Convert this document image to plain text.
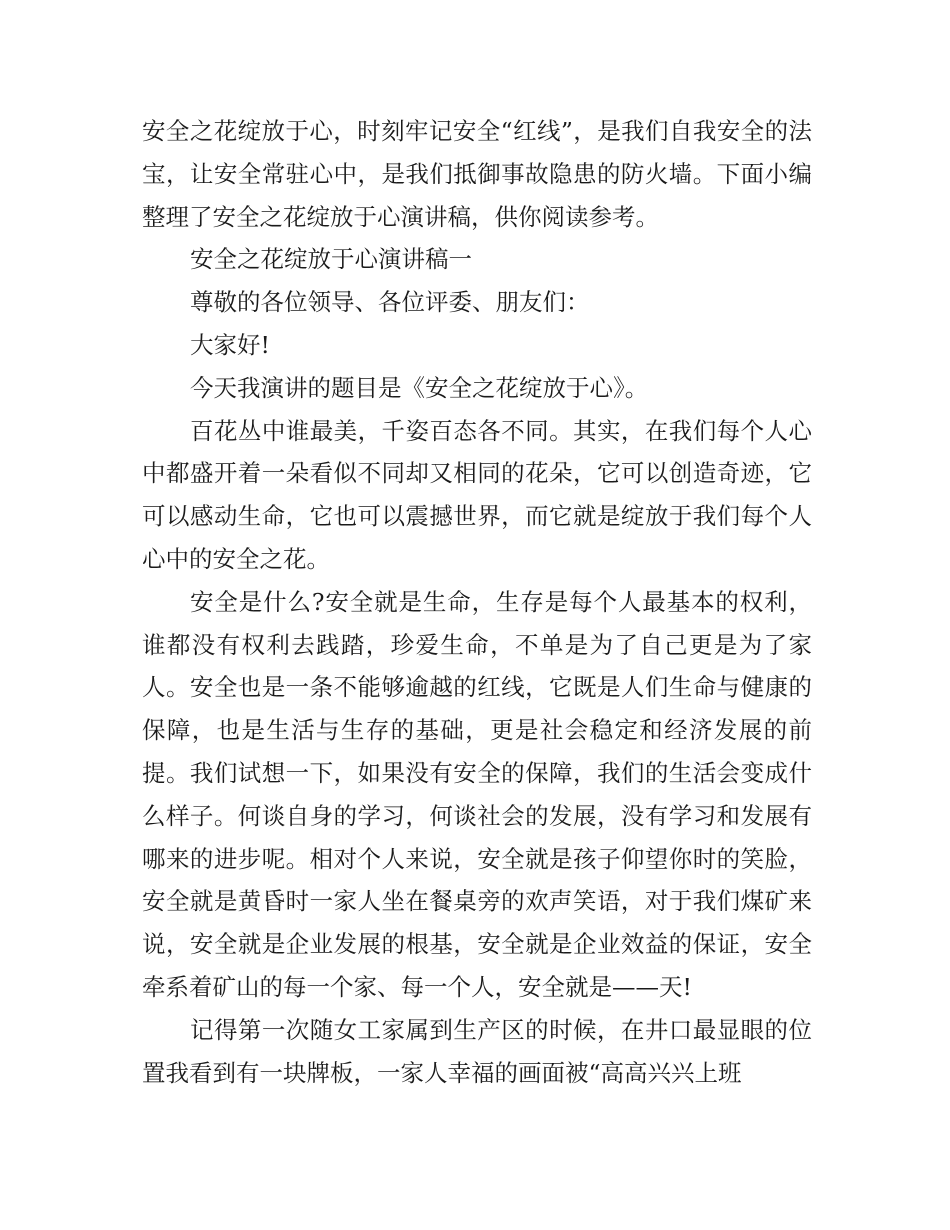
安全之花绽放于心，时刻牢记安全“红线”，是我们自我安全的法宝，让安全常驻心中，是我们抵御事故隐患的防火墙。下面小编整理了安全之花绽放于心演讲稿，供你阅读参考。

安全之花绽放于心演讲稿一

尊敬的各位领导、各位评委、朋友们：

大家好!

今天我演讲的题目是《安全之花绽放于心》。

百花丛中谁最美，千姿百态各不同。其实，在我们每个人心中都盛开着一朵看似不同却又相同的花朵，它可以创造奇迹，它可以感动生命，它也可以震撼世界，而它就是绽放于我们每个人心中的安全之花。

安全是什么?安全就是生命，生存是每个人最基本的权利，谁都没有权利去践踏，珍爱生命，不单是为了自己更是为了家人。安全也是一条不能够逾越的红线，它既是人们生命与健康的保障，也是生活与生存的基础，更是社会稳定和经济发展的前提。我们试想一下，如果没有安全的保障，我们的生活会变成什么样子。何谈自身的学习，何谈社会的发展，没有学习和发展有哪来的进步呢。相对个人来说，安全就是孩子仰望你时的笑脸，安全就是黄昏时一家人坐在餐桌旁的欢声笑语，对于我们煤矿来说，安全就是企业发展的根基，安全就是企业效益的保证，安全牵系着矿山的每一个家、每一个人，安全就是——天!

记得第一次随女工家属到生产区的时候，在井口最显眼的位置我看到有一块牌板，一家人幸福的画面被“高高兴兴上班
